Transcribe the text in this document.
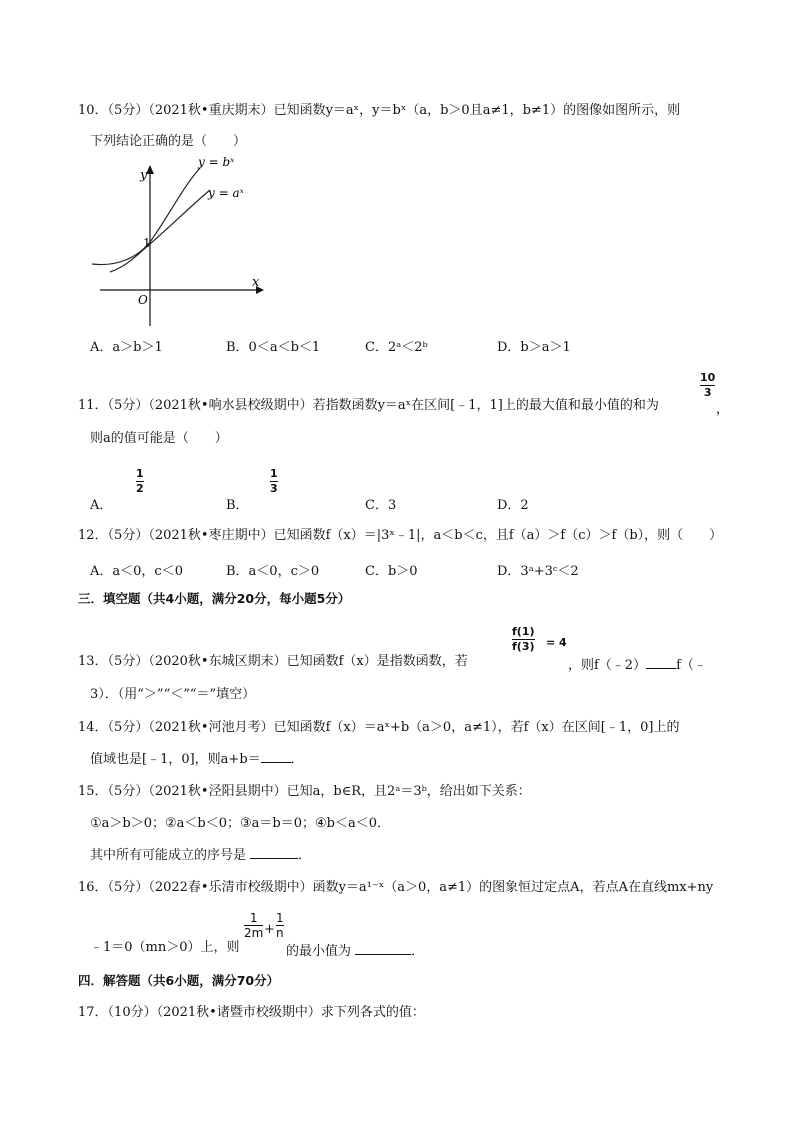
10．（5分）（2021秋•重庆期末）已知函数y＝aˣ，y＝bˣ（a，b＞0且a≠1，b≠1）的图像如图所示，则
下列结论正确的是（　　）
y = bˣ
y = aˣ
x
y
O
1
A．a＞b＞1	B．0＜a＜b＜1	C．2ᵃ＜2ᵇ	D．b＞a＞1
11．（5分）（2021秋•响水县校级期中）若指数函数y＝aˣ在区间[﹣1，1]上的最大值和最小值的和为
10
3
，
则a的值可能是（　　）
A．
1
2
B．
1
3
C．3	D．2
12．（5分）（2021秋•枣庄期中）已知函数f（x）＝|3ˣ﹣1|，a＜b＜c，且f（a）＞f（c）＞f（b），则（　　）
A．a＜0，c＜0	B．a＜0，c＞0	C．b＞0	D．3ᵃ+3ᶜ＜2
三．填空题（共4小题，满分20分，每小题5分）
13．（5分）（2020秋•东城区期末）已知函数f（x）是指数函数，若
f(1)
f(3) = 4
，则f（﹣2） f（﹣
3）．（用“＞”“＜”“＝”填空）
14．（5分）（2021秋•河池月考）已知函数f（x）＝aˣ+b（a＞0，a≠1），若f（x）在区间[﹣1，0]上的
值域也是[﹣1，0]，则a+b＝ ．
15．（5分）（2021秋•泾阳县期中）已知a，b∈R，且2ᵃ＝3ᵇ，给出如下关系：
①a＞b＞0；②a＜b＜0；③a＝b＝0；④b＜a＜0．
其中所有可能成立的序号是	．
16．（5分）（2022春•乐清市校级期中）函数y＝a¹⁻ˣ（a＞0，a≠1）的图象恒过定点A，若点A在直线mx+ny
﹣1＝0（mn＞0）上，则
1
2m +
1
n
的最小值为	．
四．解答题（共6小题，满分70分）
17．（10分）（2021秋•诸暨市校级期中）求下列各式的值：
